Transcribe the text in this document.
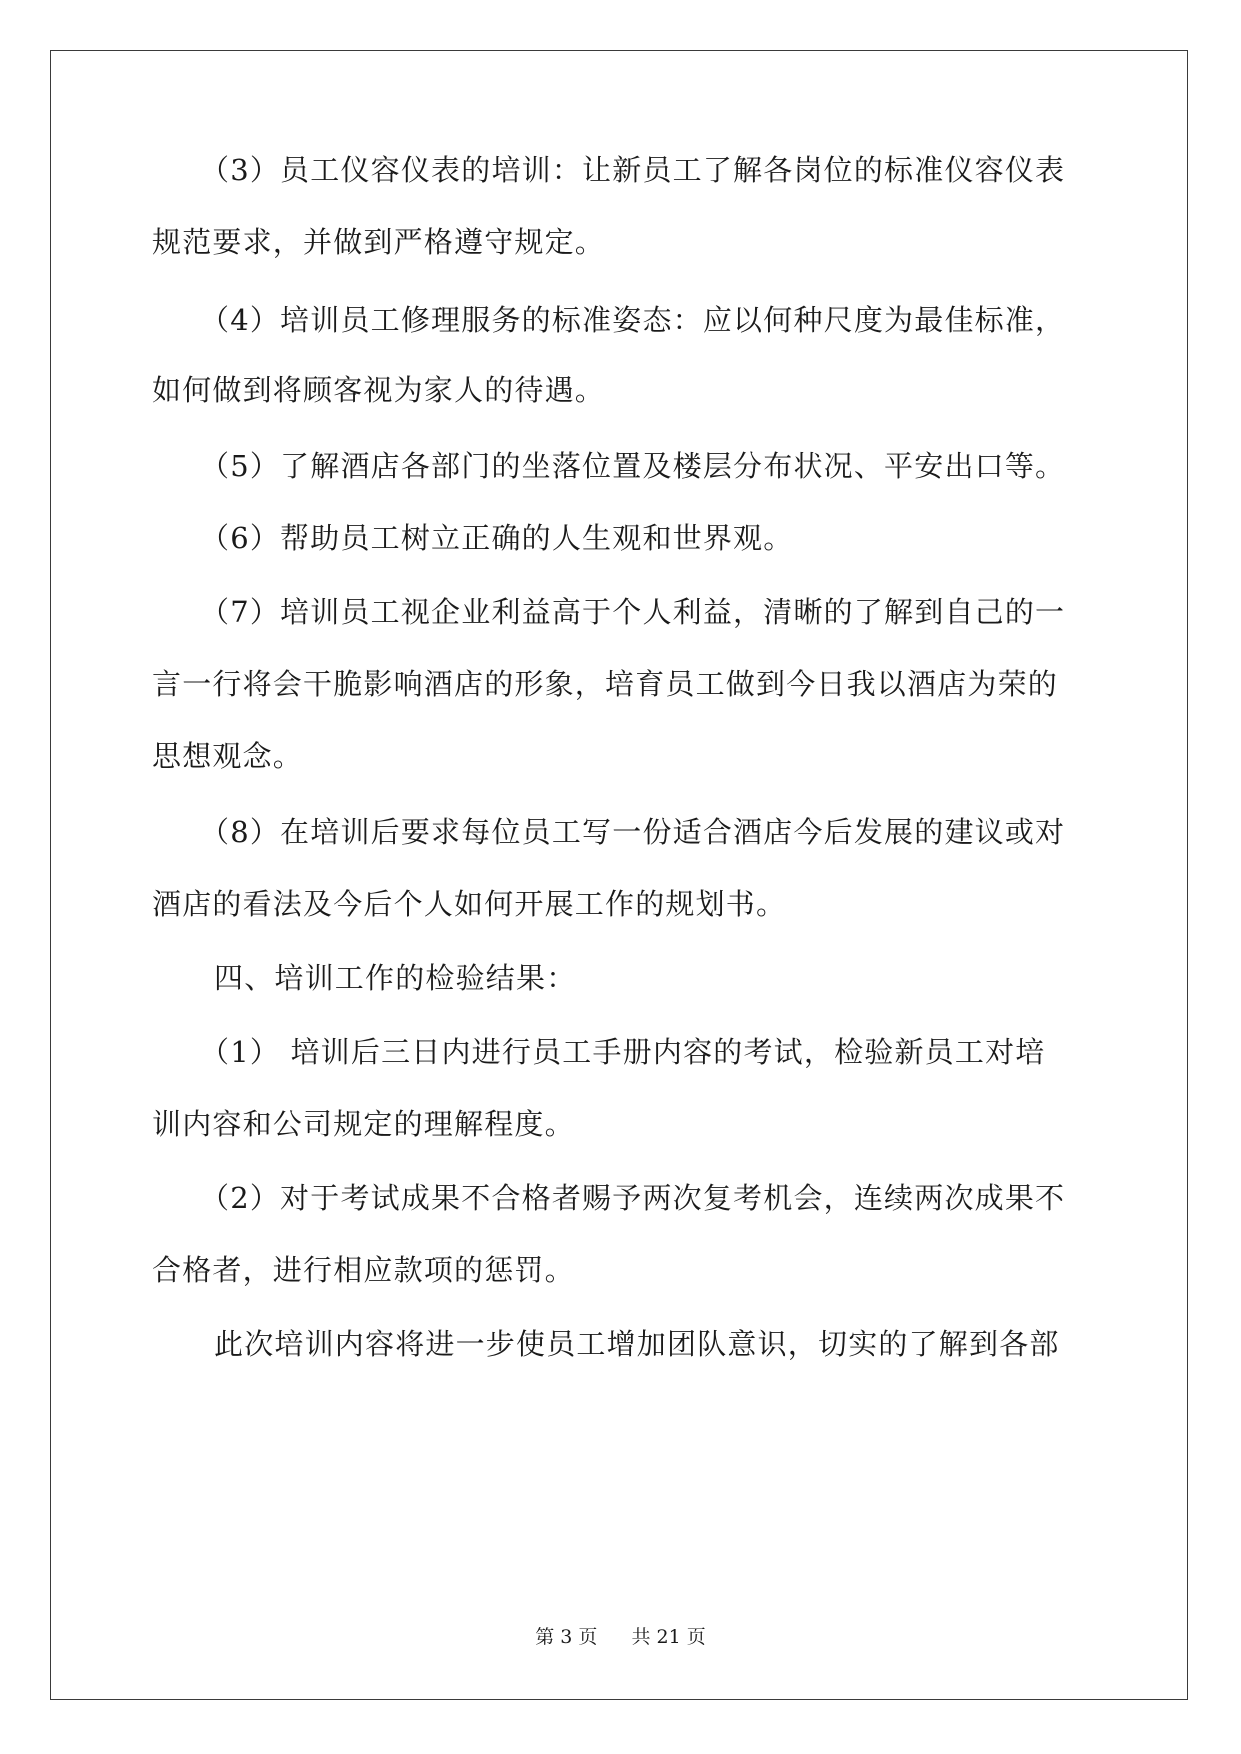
（3）员工仪容仪表的培训：让新员工了解各岗位的标准仪容仪表
规范要求，并做到严格遵守规定。
（4）培训员工修理服务的标准姿态：应以何种尺度为最佳标准，
如何做到将顾客视为家人的待遇。
（5）了解酒店各部门的坐落位置及楼层分布状况、平安出口等。
（6）帮助员工树立正确的人生观和世界观。
（7）培训员工视企业利益高于个人利益，清晰的了解到自己的一
言一行将会干脆影响酒店的形象，培育员工做到今日我以酒店为荣的
思想观念。
（8）在培训后要求每位员工写一份适合酒店今后发展的建议或对
酒店的看法及今后个人如何开展工作的规划书。
四、培训工作的检验结果：
（1） 培训后三日内进行员工手册内容的考试，检验新员工对培
训内容和公司规定的理解程度。
（2）对于考试成果不合格者赐予两次复考机会，连续两次成果不
合格者，进行相应款项的惩罚。
此次培训内容将进一步使员工增加团队意识，切实的了解到各部
第 3 页 共 21 页
